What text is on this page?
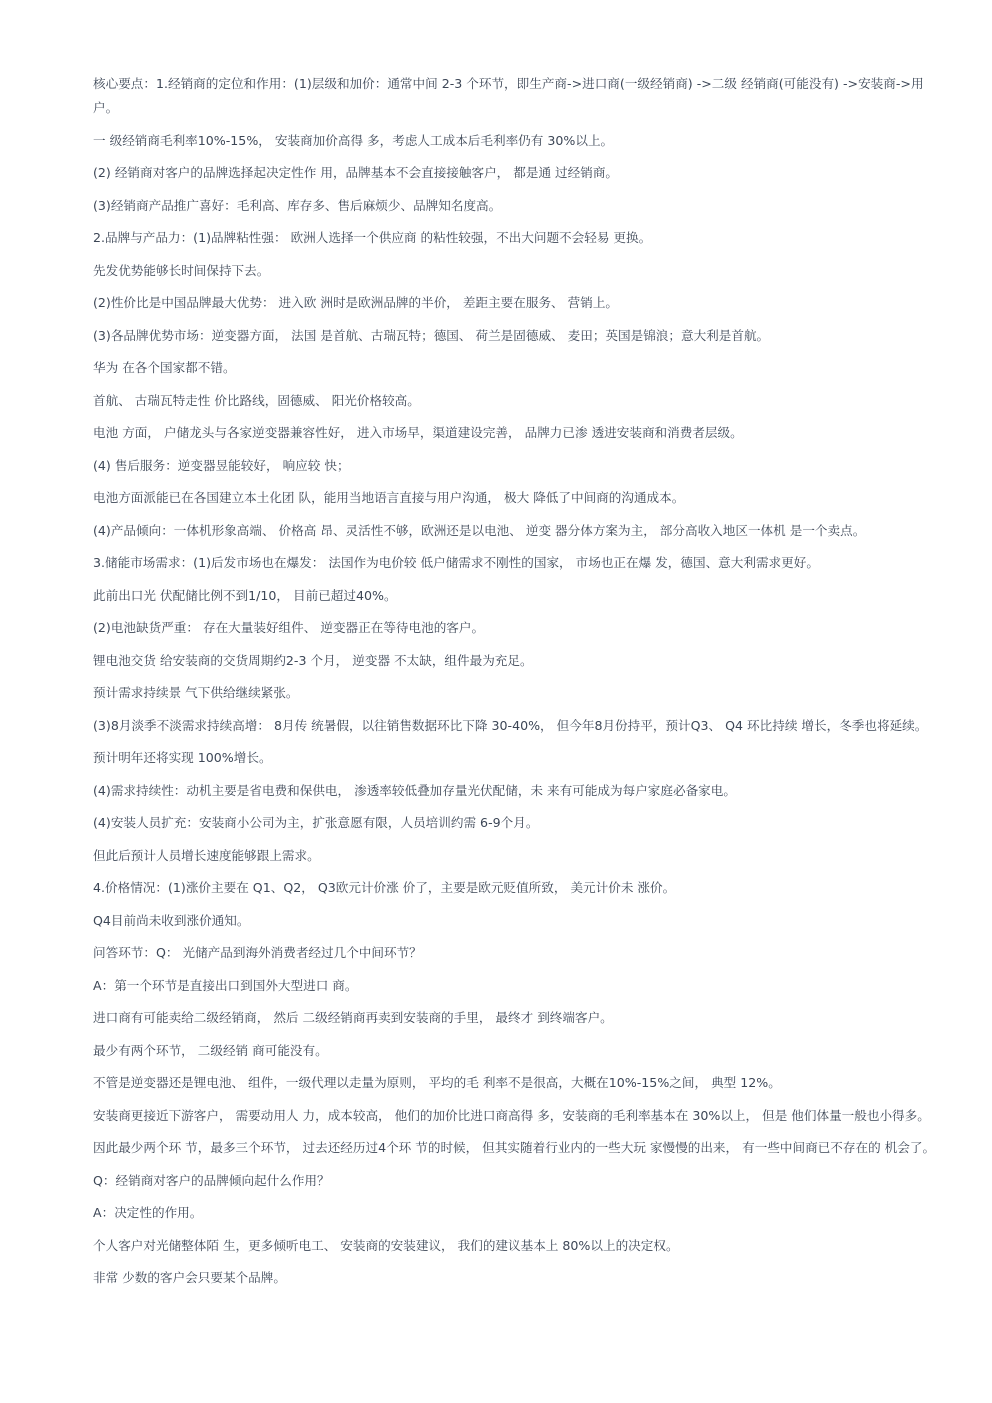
核心要点：1.经销商的定位和作用：(1)层级和加价：通常中间 2-3 个环节，即生产商->进口商(一级经销商) ->二级 经销商(可能没有) ->安装商->用户。

一 级经销商毛利率10%-15%， 安装商加价高得 多，考虑人工成本后毛利率仍有 30%以上。

(2) 经销商对客户的品牌选择起决定性作 用，品牌基本不会直接接触客户， 都是通 过经销商。

(3)经销商产品推广喜好：毛利高、库存多、售后麻烦少、品牌知名度高。

2.品牌与产品力：(1)品牌粘性强： 欧洲人选择一个供应商 的粘性较强，不出大问题不会轻易 更换。

先发优势能够长时间保持下去。

(2)性价比是中国品牌最大优势： 进入欧 洲时是欧洲品牌的半价， 差距主要在服务、 营销上。

(3)各品牌优势市场：逆变器方面， 法国 是首航、古瑞瓦特；德国、 荷兰是固德威、 麦田；英国是锦浪；意大利是首航。

华为 在各个国家都不错。

首航、 古瑞瓦特走性 价比路线，固德威、 阳光价格较高。

电池 方面， 户储龙头与各家逆变器兼容性好， 进入市场早，渠道建设完善， 品牌力已渗 透进安装商和消费者层级。

(4) 售后服务：逆变器昱能较好， 响应较 快；

电池方面派能已在各国建立本土化团 队，能用当地语言直接与用户沟通， 极大 降低了中间商的沟通成本。

(4)产品倾向：一体机形象高端、 价格高 昂、灵活性不够，欧洲还是以电池、 逆变 器分体方案为主， 部分高收入地区一体机 是一个卖点。

3.储能市场需求：(1)后发市场也在爆发： 法国作为电价较 低户储需求不刚性的国家， 市场也正在爆 发，德国、意大利需求更好。

此前出口光 伏配储比例不到1/10， 目前已超过40%。

(2)电池缺货严重： 存在大量装好组件、 逆变器正在等待电池的客户。

锂电池交货 给安装商的交货周期约2-3 个月， 逆变器 不太缺，组件最为充足。

预计需求持续景 气下供给继续紧张。

(3)8月淡季不淡需求持续高增： 8月传 统暑假，以往销售数据环比下降 30-40%， 但今年8月份持平，预计Q3、 Q4 环比持续 增长，冬季也将延续。

预计明年还将实现 100%增长。

(4)需求持续性：动机主要是省电费和保供电， 渗透率较低叠加存量光伏配储，未 来有可能成为每户家庭必备家电。

(4)安装人员扩充：安装商小公司为主，扩张意愿有限，人员培训约需 6-9个月。

但此后预计人员增长速度能够跟上需求。

4.价格情况：(1)涨价主要在 Q1、Q2， Q3欧元计价涨 价了，主要是欧元贬值所致， 美元计价未 涨价。

Q4目前尚未收到涨价通知。

问答环节：Q： 光储产品到海外消费者经过几个中间环节？

A：第一个环节是直接出口到国外大型进口 商。

进口商有可能卖给二级经销商， 然后 二级经销商再卖到安装商的手里， 最终才 到终端客户。

最少有两个环节， 二级经销 商可能没有。

不管是逆变器还是锂电池、 组件，一级代理以走量为原则， 平均的毛 利率不是很高，大概在10%-15%之间， 典型 12%。

安装商更接近下游客户， 需要动用人 力，成本较高， 他们的加价比进口商高得 多，安装商的毛利率基本在 30%以上， 但是 他们体量一般也小得多。

因此最少两个环 节，最多三个环节， 过去还经历过4个环 节的时候， 但其实随着行业内的一些大玩 家慢慢的出来， 有一些中间商已不存在的 机会了。

Q：经销商对客户的品牌倾向起什么作用？

A：决定性的作用。

个人客户对光储整体陌 生，更多倾听电工、 安装商的安装建议， 我们的建议基本上 80%以上的决定权。

非常 少数的客户会只要某个品牌。
